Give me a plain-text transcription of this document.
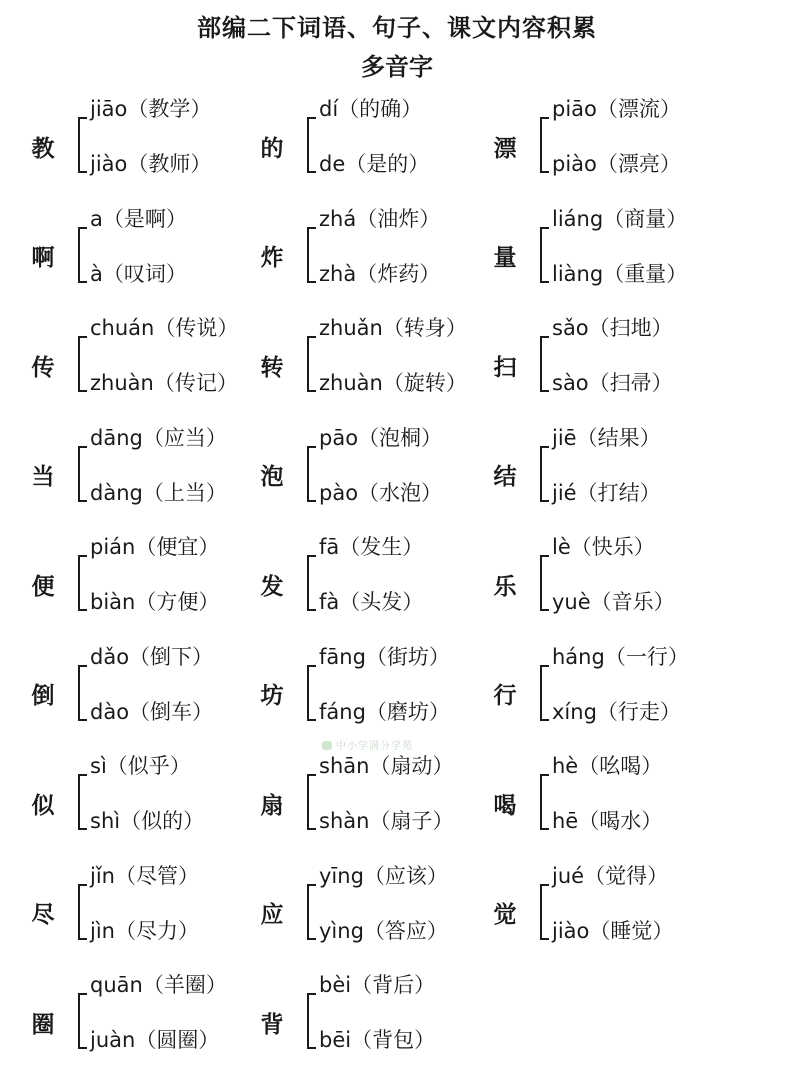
部编二下词语、句子、课文内容积累
多音字
中小学满分学苑
教
jiāo（教学）
jiào（教师）
的
dí（的确）
de（是的）
漂
piāo（漂流）
piào（漂亮）
啊
a（是啊）
à（叹词）
炸
zhá（油炸）
zhà（炸药）
量
liáng（商量）
liàng（重量）
传
chuán（传说）
zhuàn（传记）
转
zhuǎn（转身）
zhuàn（旋转）
扫
sǎo（扫地）
sào（扫帚）
当
dāng（应当）
dàng（上当）
泡
pāo（泡桐）
pào（水泡）
结
jiē（结果）
jié（打结）
便
pián（便宜）
biàn（方便）
发
fā（发生）
fà（头发）
乐
lè（快乐）
yuè（音乐）
倒
dǎo（倒下）
dào（倒车）
坊
fāng（街坊）
fáng（磨坊）
行
háng（一行）
xíng（行走）
似
sì（似乎）
shì（似的）
扇
shān（扇动）
shàn（扇子）
喝
hè（吆喝）
hē（喝水）
尽
jǐn（尽管）
jìn（尽力）
应
yīng（应该）
yìng（答应）
觉
jué（觉得）
jiào（睡觉）
圈
quān（羊圈）
juàn（圆圈）
背
bèi（背后）
bēi（背包）
